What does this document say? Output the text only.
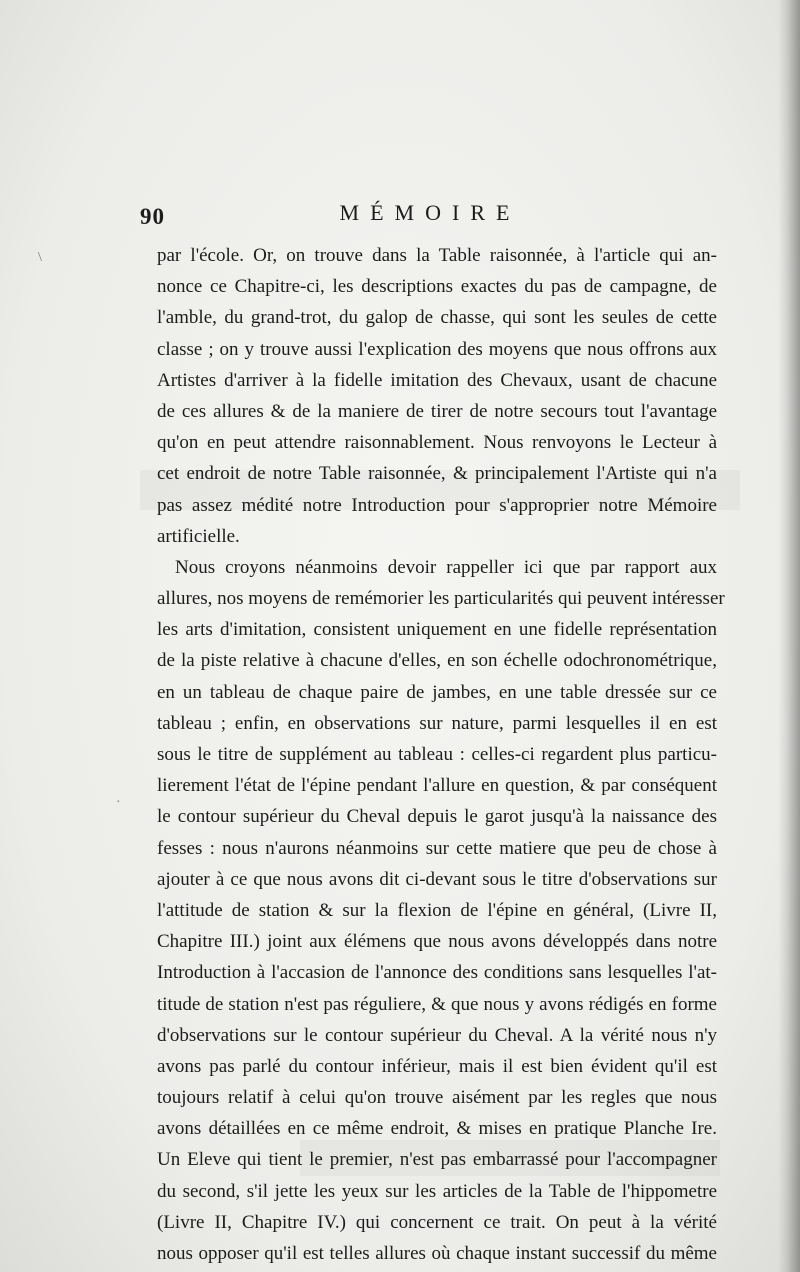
\
·
90	MÉMOIRE
par l'école. Or, on trouve dans la Table raisonnée, à l'article qui an-
nonce ce Chapitre-ci, les descriptions exactes du pas de campagne, de
l'amble, du grand-trot, du galop de chasse, qui sont les seules de cette
classe ; on y trouve aussi l'explication des moyens que nous offrons aux
Artistes d'arriver à la fidelle imitation des Chevaux, usant de chacune
de ces allures & de la maniere de tirer de notre secours tout l'avantage
qu'on en peut attendre raisonnablement. Nous renvoyons le Lecteur à
cet endroit de notre Table raisonnée, & principalement l'Artiste qui n'a
pas assez médité notre Introduction pour s'approprier notre Mémoire
artificielle.
Nous croyons néanmoins devoir rappeller ici que par rapport aux
allures, nos moyens de remémorier les particularités qui peuvent intéresser
les arts d'imitation, consistent uniquement en une fidelle représentation
de la piste relative à chacune d'elles, en son échelle odochronométrique,
en un tableau de chaque paire de jambes, en une table dressée sur ce
tableau ; enfin, en observations sur nature, parmi lesquelles il en est
sous le titre de supplément au tableau : celles-ci regardent plus particu-
lierement l'état de l'épine pendant l'allure en question, & par conséquent
le contour supérieur du Cheval depuis le garot jusqu'à la naissance des
fesses : nous n'aurons néanmoins sur cette matiere que peu de chose à
ajouter à ce que nous avons dit ci-devant sous le titre d'observations sur
l'attitude de station & sur la flexion de l'épine en général, (Livre II,
Chapitre III.) joint aux élémens que nous avons développés dans notre
Introduction à l'accasion de l'annonce des conditions sans lesquelles l'at-
titude de station n'est pas réguliere, & que nous y avons rédigés en forme
d'observations sur le contour supérieur du Cheval. A la vérité nous n'y
avons pas parlé du contour inférieur, mais il est bien évident qu'il est
toujours relatif à celui qu'on trouve aisément par les regles que nous
avons détaillées en ce même endroit, & mises en pratique Planche Ire.
Un Eleve qui tient le premier, n'est pas embarrassé pour l'accompagner
du second, s'il jette les yeux sur les articles de la Table de l'hippometre
(Livre II, Chapitre IV.) qui concernent ce trait. On peut à la vérité
nous opposer qu'il est telles allures où chaque instant successif du même
